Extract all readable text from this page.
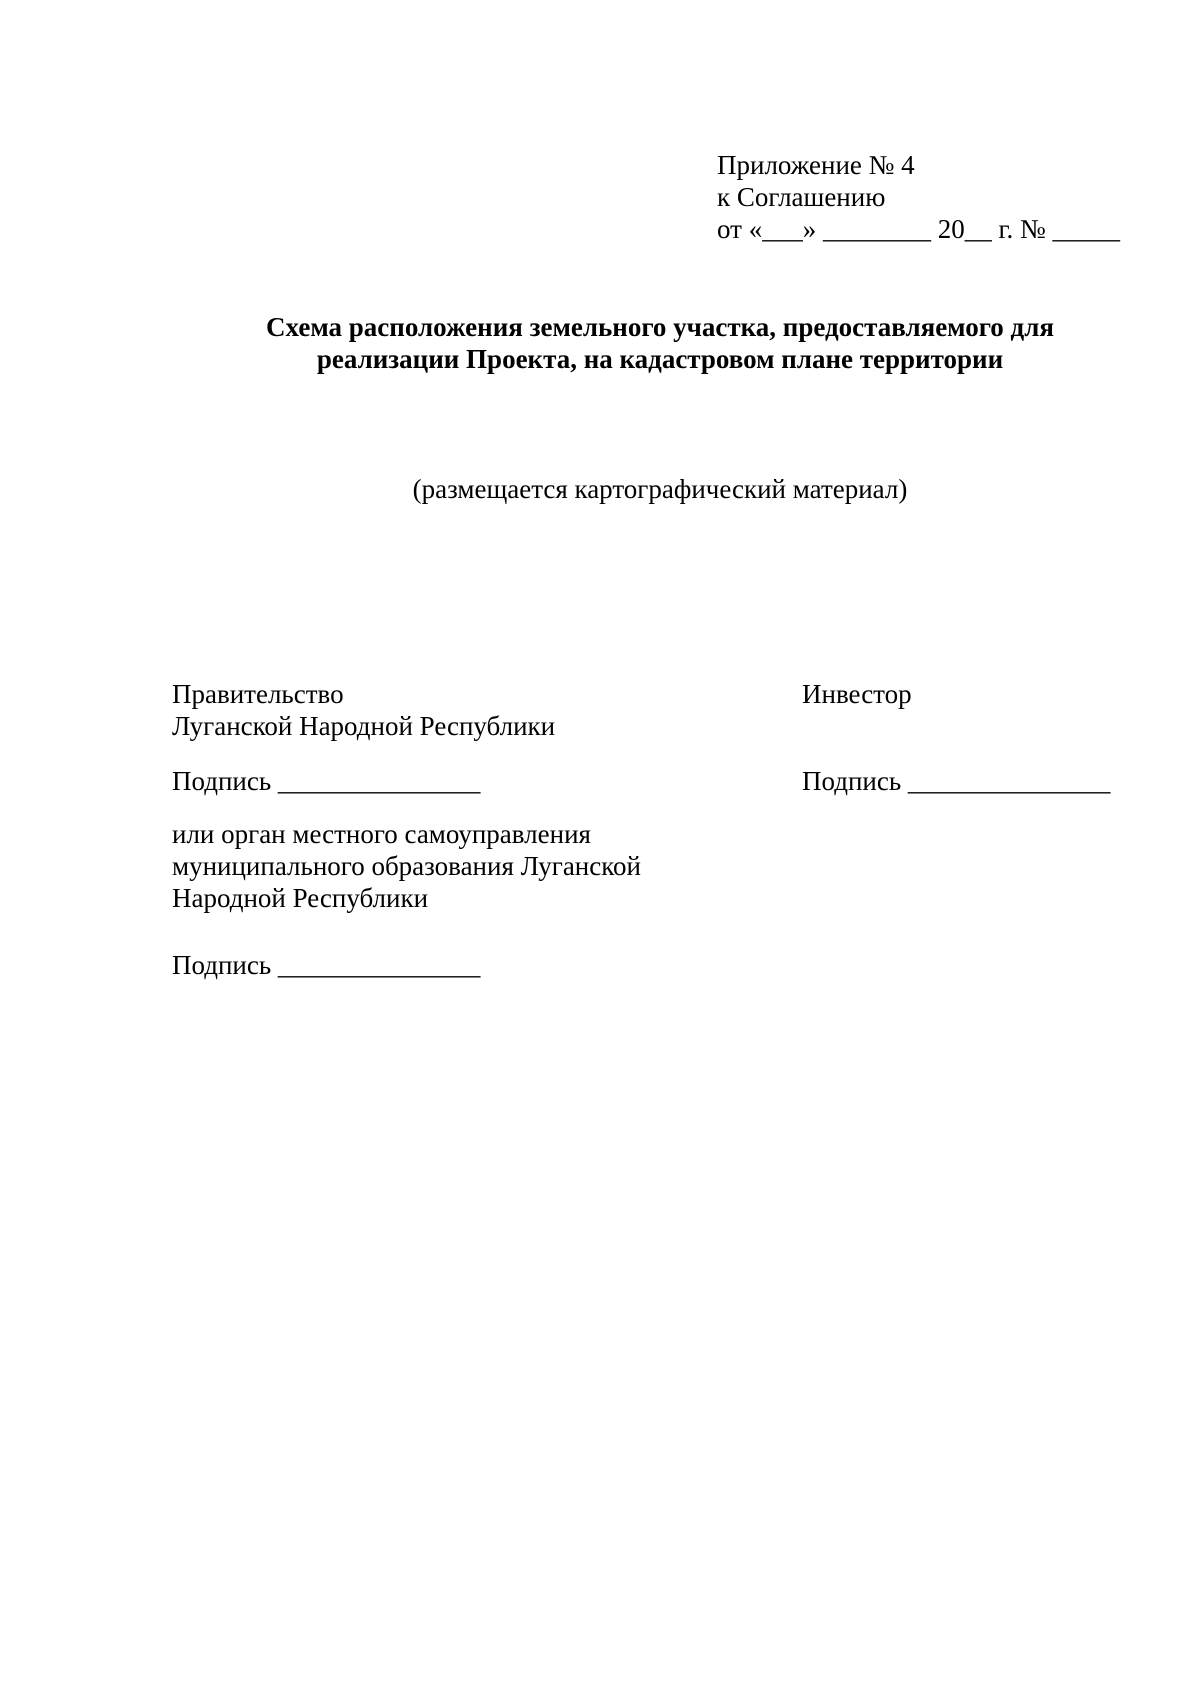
Приложение № 4
к Соглашению
от «___» ________ 20__ г. № _____
Схема расположения земельного участка, предоставляемого для
реализации Проекта, на кадастровом плане территории
(размещается картографический материал)
Правительство
Луганской Народной Республики
Подпись _______________
или орган местного самоуправления
муниципального образования Луганской
Народной Республики
Подпись _______________
Инвестор
Подпись _______________
